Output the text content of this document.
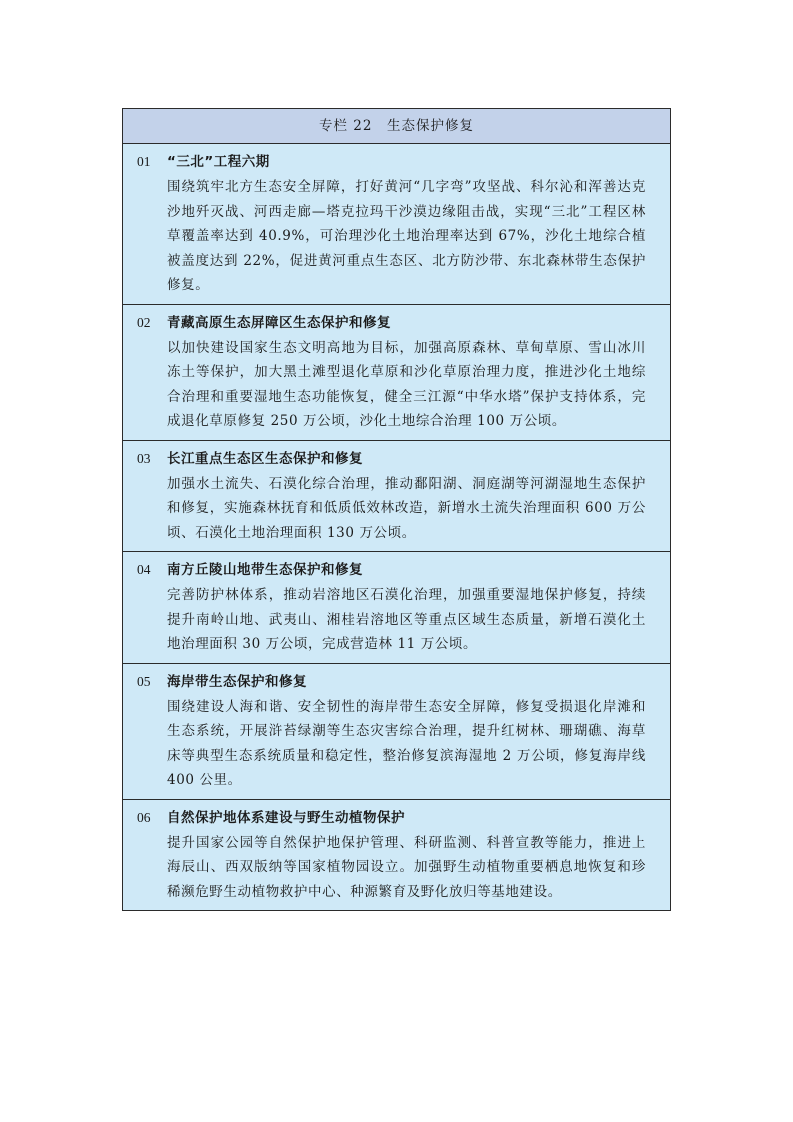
专栏 22　生态保护修复
01	“三北”工程六期
围绕筑牢北方生态安全屏障，打好黄河“几字弯”攻坚战、科尔沁和浑善达克沙地歼灭战、河西走廊—塔克拉玛干沙漠边缘阻击战，实现“三北”工程区林草覆盖率达到 40.9%，可治理沙化土地治理率达到 67%，沙化土地综合植被盖度达到 22%，促进黄河重点生态区、北方防沙带、东北森林带生态保护修复。
02	青藏高原生态屏障区生态保护和修复
以加快建设国家生态文明高地为目标，加强高原森林、草甸草原、雪山冰川冻土等保护，加大黑土滩型退化草原和沙化草原治理力度，推进沙化土地综合治理和重要湿地生态功能恢复，健全三江源“中华水塔”保护支持体系，完成退化草原修复 250 万公顷，沙化土地综合治理 100 万公顷。
03	长江重点生态区生态保护和修复
加强水土流失、石漠化综合治理，推动鄱阳湖、洞庭湖等河湖湿地生态保护和修复，实施森林抚育和低质低效林改造，新增水土流失治理面积 600 万公顷、石漠化土地治理面积 130 万公顷。
04	南方丘陵山地带生态保护和修复
完善防护林体系，推动岩溶地区石漠化治理，加强重要湿地保护修复，持续提升南岭山地、武夷山、湘桂岩溶地区等重点区域生态质量，新增石漠化土地治理面积 30 万公顷，完成营造林 11 万公顷。
05	海岸带生态保护和修复
围绕建设人海和谐、安全韧性的海岸带生态安全屏障，修复受损退化岸滩和生态系统，开展浒苔绿潮等生态灾害综合治理，提升红树林、珊瑚礁、海草床等典型生态系统质量和稳定性，整治修复滨海湿地 2 万公顷，修复海岸线 400 公里。
06	自然保护地体系建设与野生动植物保护
提升国家公园等自然保护地保护管理、科研监测、科普宣教等能力，推进上海辰山、西双版纳等国家植物园设立。加强野生动植物重要栖息地恢复和珍稀濒危野生动植物救护中心、种源繁育及野化放归等基地建设。
